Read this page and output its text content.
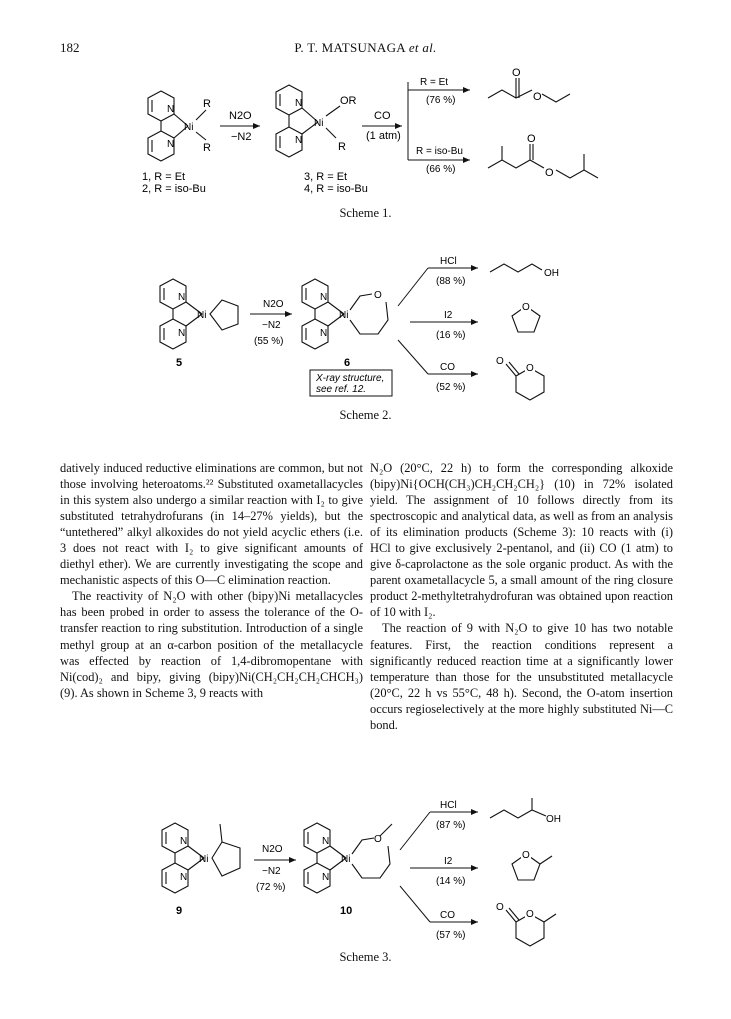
182	P. T. MATSUNAGA et al.
N
N
Ni
R
R
N2O
−N2
N
N
Ni
OR
R
CO
(1 atm)
R = Et
(76 %)
R = iso-Bu
(66 %)
O
O
O
O
1, R = Et
2, R = iso-Bu
3, R = Et
4, R = iso-Bu
Scheme 1.
N
N
Ni
5
N2O
−N2
(55 %)
N
N
Ni
O
6
X-ray structure,
see ref. 12.
HCl
(88 %)
I2
(16 %)
CO
(52 %)
OH
O
O
O
Scheme 2.

datively induced reductive eliminations are common, but not those involving heteroatoms.²² Substituted oxametallacycles in this system also undergo a similar reaction with I₂ to give substituted tetrahydrofurans (in 14–27% yields), but the “untethered” alkyl alkoxides do not yield acyclic ethers (i.e. 3 does not react with I₂ to give significant amounts of diethyl ether). We are currently investigating the scope and mechanistic aspects of this O—C elimination reaction.

The reactivity of N₂O with other (bipy)Ni metallacycles has been probed in order to assess the tolerance of the O-transfer reaction to ring substitution. Introduction of a single methyl group at an α-carbon position of the metallacycle was effected by reaction of 1,4-dibromopentane with Ni(cod)₂ and bipy, giving (bipy)Ni(CH₂CH₂CH₂CHCH₃) (9). As shown in Scheme 3, 9 reacts with

N₂O (20°C, 22 h) to form the corresponding alkoxide (bipy)Ni{OCH(CH₃)CH₂CH₂CH₂} (10) in 72% isolated yield. The assignment of 10 follows directly from its spectroscopic and analytical data, as well as from an analysis of its elimination products (Scheme 3): 10 reacts with (i) HCl to give exclusively 2-pentanol, and (ii) CO (1 atm) to give δ-caprolactone as the sole organic product. As with the parent oxametallacycle 5, a small amount of the ring closure product 2-methyltetrahydrofuran was obtained upon reaction of 10 with I₂.

The reaction of 9 with N₂O to give 10 has two notable features. First, the reaction conditions represent a significantly reduced reaction time at a significantly lower temperature than those for the unsubstituted metallacycle (20°C, 22 h vs 55°C, 48 h). Second, the O-atom insertion occurs regioselectively at the more highly substituted Ni—C bond.

N
N
Ni
9
N2O
−N2
(72 %)
N
N
Ni
O
10
HCl
(87 %)
I2
(14 %)
CO
(57 %)
OH
O
O
O
Scheme 3.
